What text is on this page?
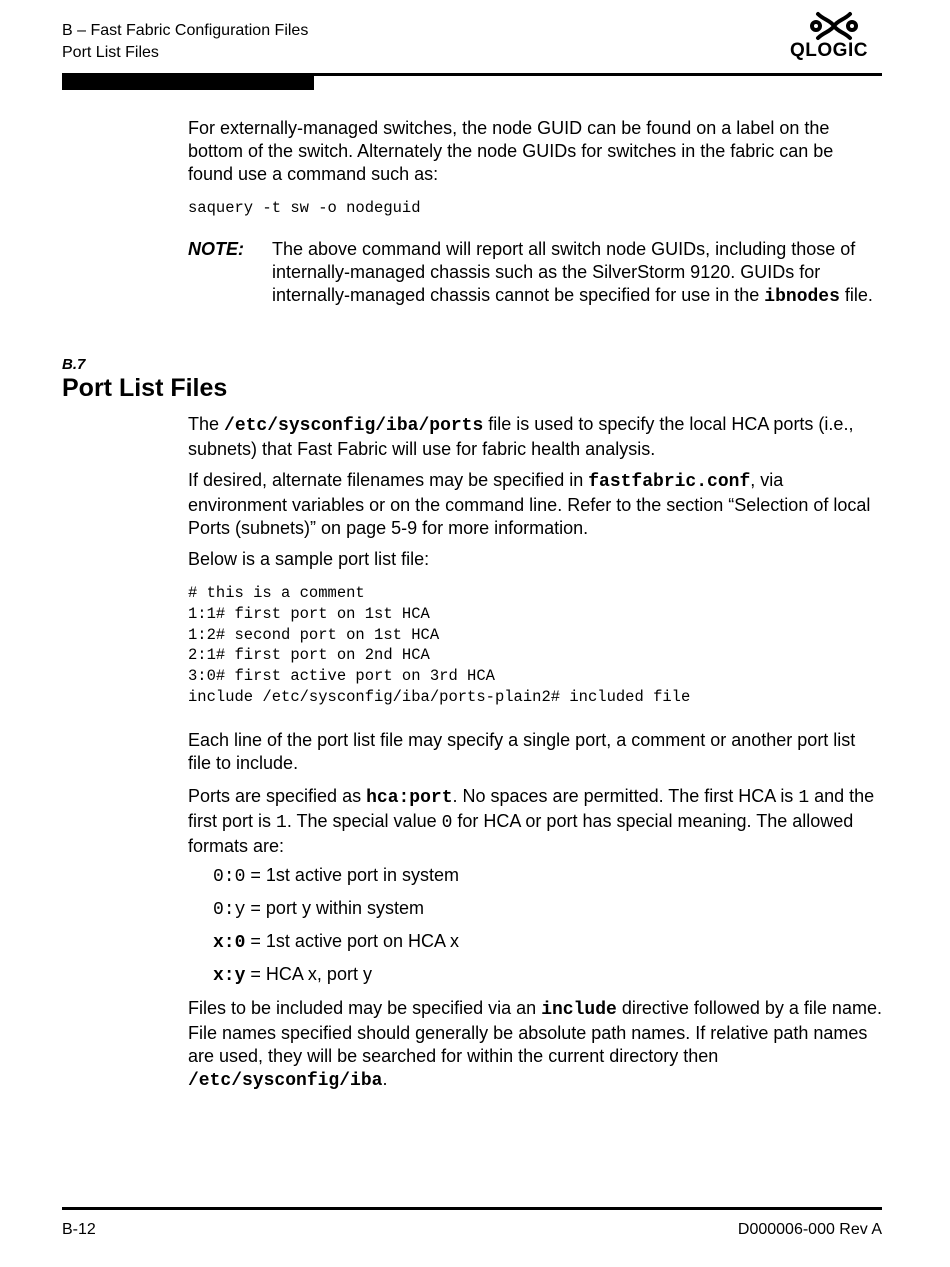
B – Fast Fabric Configuration Files
Port List Files	QLOGIC

For externally-managed switches, the node GUID can be found on a label on the bottom of the switch. Alternately the node GUIDs for switches in the fabric can be found use a command such as:

saquery -t sw -o nodeguid
NOTE: The above command will report all switch node GUIDs, including those of internally-managed chassis such as the SilverStorm 9120. GUIDs for internally-managed chassis cannot be specified for use in the ibnodes file.
B.7
Port List Files

The /etc/sysconfig/iba/ports file is used to specify the local HCA ports (i.e., subnets) that Fast Fabric will use for fabric health analysis.

If desired, alternate filenames may be specified in fastfabric.conf, via environment variables or on the command line. Refer to the section “Selection of local Ports (subnets)” on page 5-9 for more information.

Below is a sample port list file:

# this is a comment
1:1# first port on 1st HCA
1:2# second port on 1st HCA
2:1# first port on 2nd HCA
3:0# first active port on 3rd HCA
include /etc/sysconfig/iba/ports-plain2# included file

Each line of the port list file may specify a single port, a comment or another port list file to include.

Ports are specified as hca:port. No spaces are permitted. The first HCA is 1 and the first port is 1. The special value 0 for HCA or port has special meaning. The allowed formats are:

0:0 = 1st active port in system
0:y = port y within system
x:0 = 1st active port on HCA x
x:y = HCA x, port y

Files to be included may be specified via an include directive followed by a file name. File names specified should generally be absolute path names. If relative path names are used, they will be searched for within the current directory then /etc/sysconfig/iba.

B-12	D000006-000 Rev A
